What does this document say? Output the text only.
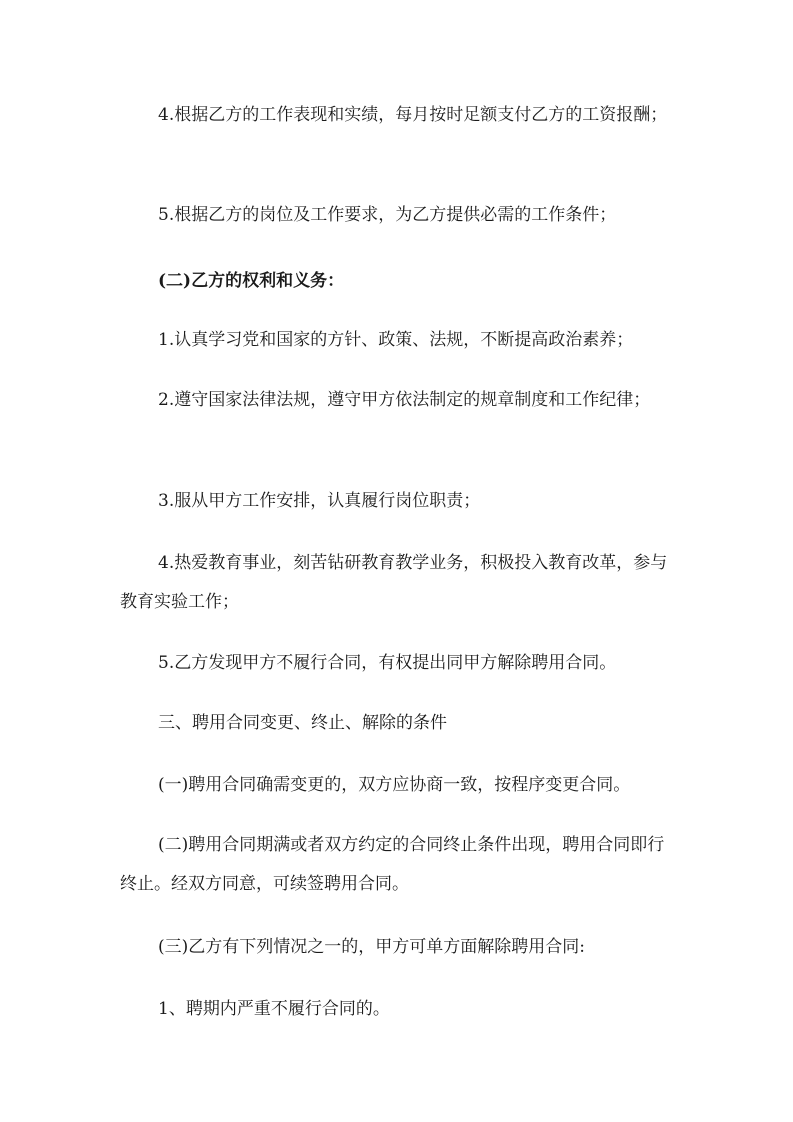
4.根据乙方的工作表现和实绩，每月按时足额支付乙方的工资报酬；

5.根据乙方的岗位及工作要求，为乙方提供必需的工作条件；

(二)乙方的权利和义务：

1.认真学习党和国家的方针、政策、法规，不断提高政治素养；

2.遵守国家法律法规，遵守甲方依法制定的规章制度和工作纪律；

3.服从甲方工作安排，认真履行岗位职责；

4.热爱教育事业，刻苦钻研教育教学业务，积极投入教育改革，参与教育实验工作；

5.乙方发现甲方不履行合同，有权提出同甲方解除聘用合同。

三、聘用合同变更、终止、解除的条件

(一)聘用合同确需变更的，双方应协商一致，按程序变更合同。

(二)聘用合同期满或者双方约定的合同终止条件出现，聘用合同即行终止。经双方同意，可续签聘用合同。

(三)乙方有下列情况之一的，甲方可单方面解除聘用合同:

1、聘期内严重不履行合同的。
